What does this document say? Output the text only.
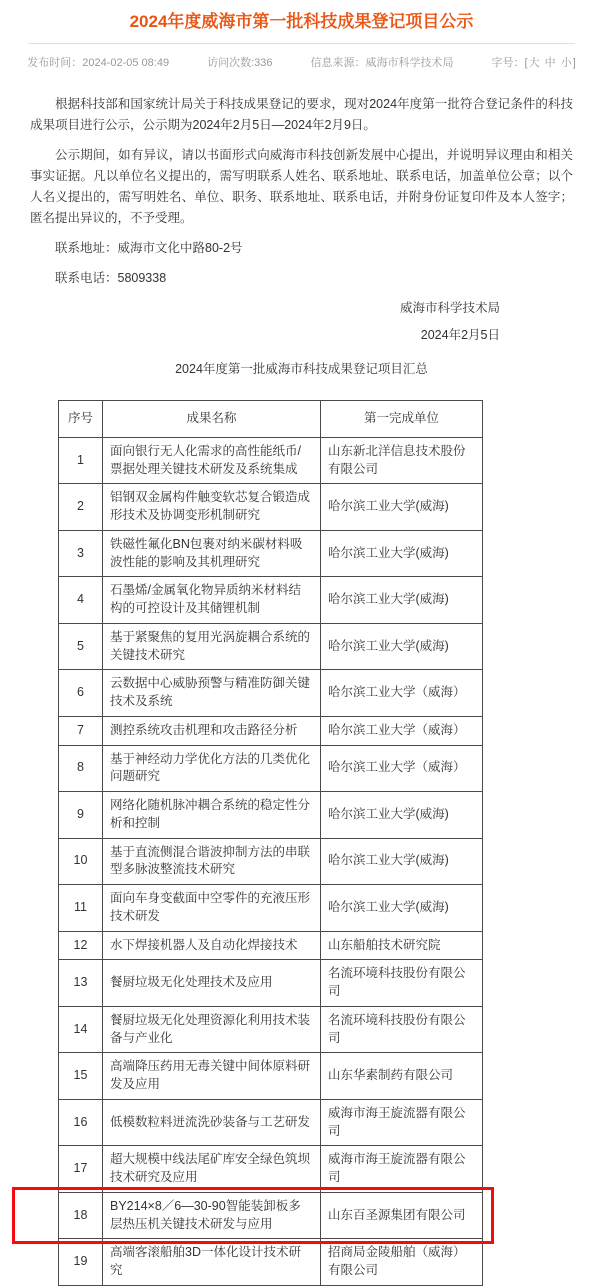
2024年度威海市第一批科技成果登记项目公示
发布时间：2024-02-05 08:49	访问次数:336	信息来源：威海市科学技术局	字号：[大 中 小]

根据科技部和国家统计局关于科技成果登记的要求，现对2024年度第一批符合登记条件的科技成果项目进行公示，公示期为2024年2月5日—2024年2月9日。

公示期间，如有异议，请以书面形式向威海市科技创新发展中心提出，并说明异议理由和相关事实证据。凡以单位名义提出的，需写明联系人姓名、联系地址、联系电话，加盖单位公章；以个人名义提出的，需写明姓名、单位、职务、联系地址、联系电话，并附身份证复印件及本人签字；匿名提出异议的，不予受理。

联系地址：威海市文化中路80-2号
联系电话：5809338
威海市科学技术局
2024年2月5日
2024年度第一批威海市科技成果登记项目汇总
序号	成果名称	第一完成单位
1	面向银行无人化需求的高性能纸币/票据处理关键技术研发及系统集成	山东新北洋信息技术股份有限公司
2	铝钢双金属构件触变软芯复合锻造成形技术及协调变形机制研究	哈尔滨工业大学(威海)
3	铁磁性氟化BN包裹对纳米碳材料吸波性能的影响及其机理研究	哈尔滨工业大学(威海)
4	石墨烯/金属氧化物异质纳米材料结构的可控设计及其储锂机制	哈尔滨工业大学(威海)
5	基于紧聚焦的复用光涡旋耦合系统的关键技术研究	哈尔滨工业大学(威海)
6	云数据中心威胁预警与精准防御关键技术及系统	哈尔滨工业大学（威海）
7	测控系统攻击机理和攻击路径分析	哈尔滨工业大学（威海）
8	基于神经动力学优化方法的几类优化问题研究	哈尔滨工业大学（威海）
9	网络化随机脉冲耦合系统的稳定性分析和控制	哈尔滨工业大学(威海)
10	基于直流侧混合谐波抑制方法的串联型多脉波整流技术研究	哈尔滨工业大学(威海)
11	面向车身变截面中空零件的充液压形技术研发	哈尔滨工业大学(威海)
12	水下焊接机器人及自动化焊接技术	山东船舶技术研究院
13	餐厨垃圾无化处理技术及应用	名流环境科技股份有限公司
14	餐厨垃圾无化处理资源化利用技术装备与产业化	名流环境科技股份有限公司
15	高端降压药用无毒关键中间体原料研发及应用	山东华素制药有限公司
16	低模数粒料迸流洗砂装备与工艺研发	威海市海王旋流器有限公司
17	超大规模中线法尾矿库安全绿色筑坝技术研究及应用	威海市海王旋流器有限公司
18	BY214×8／6—30-90智能装卸板多层热压机关键技术研发与应用	山东百圣源集团有限公司
19	高端客滚船舶3D一体化设计技术研究	招商局金陵船舶（威海）有限公司
